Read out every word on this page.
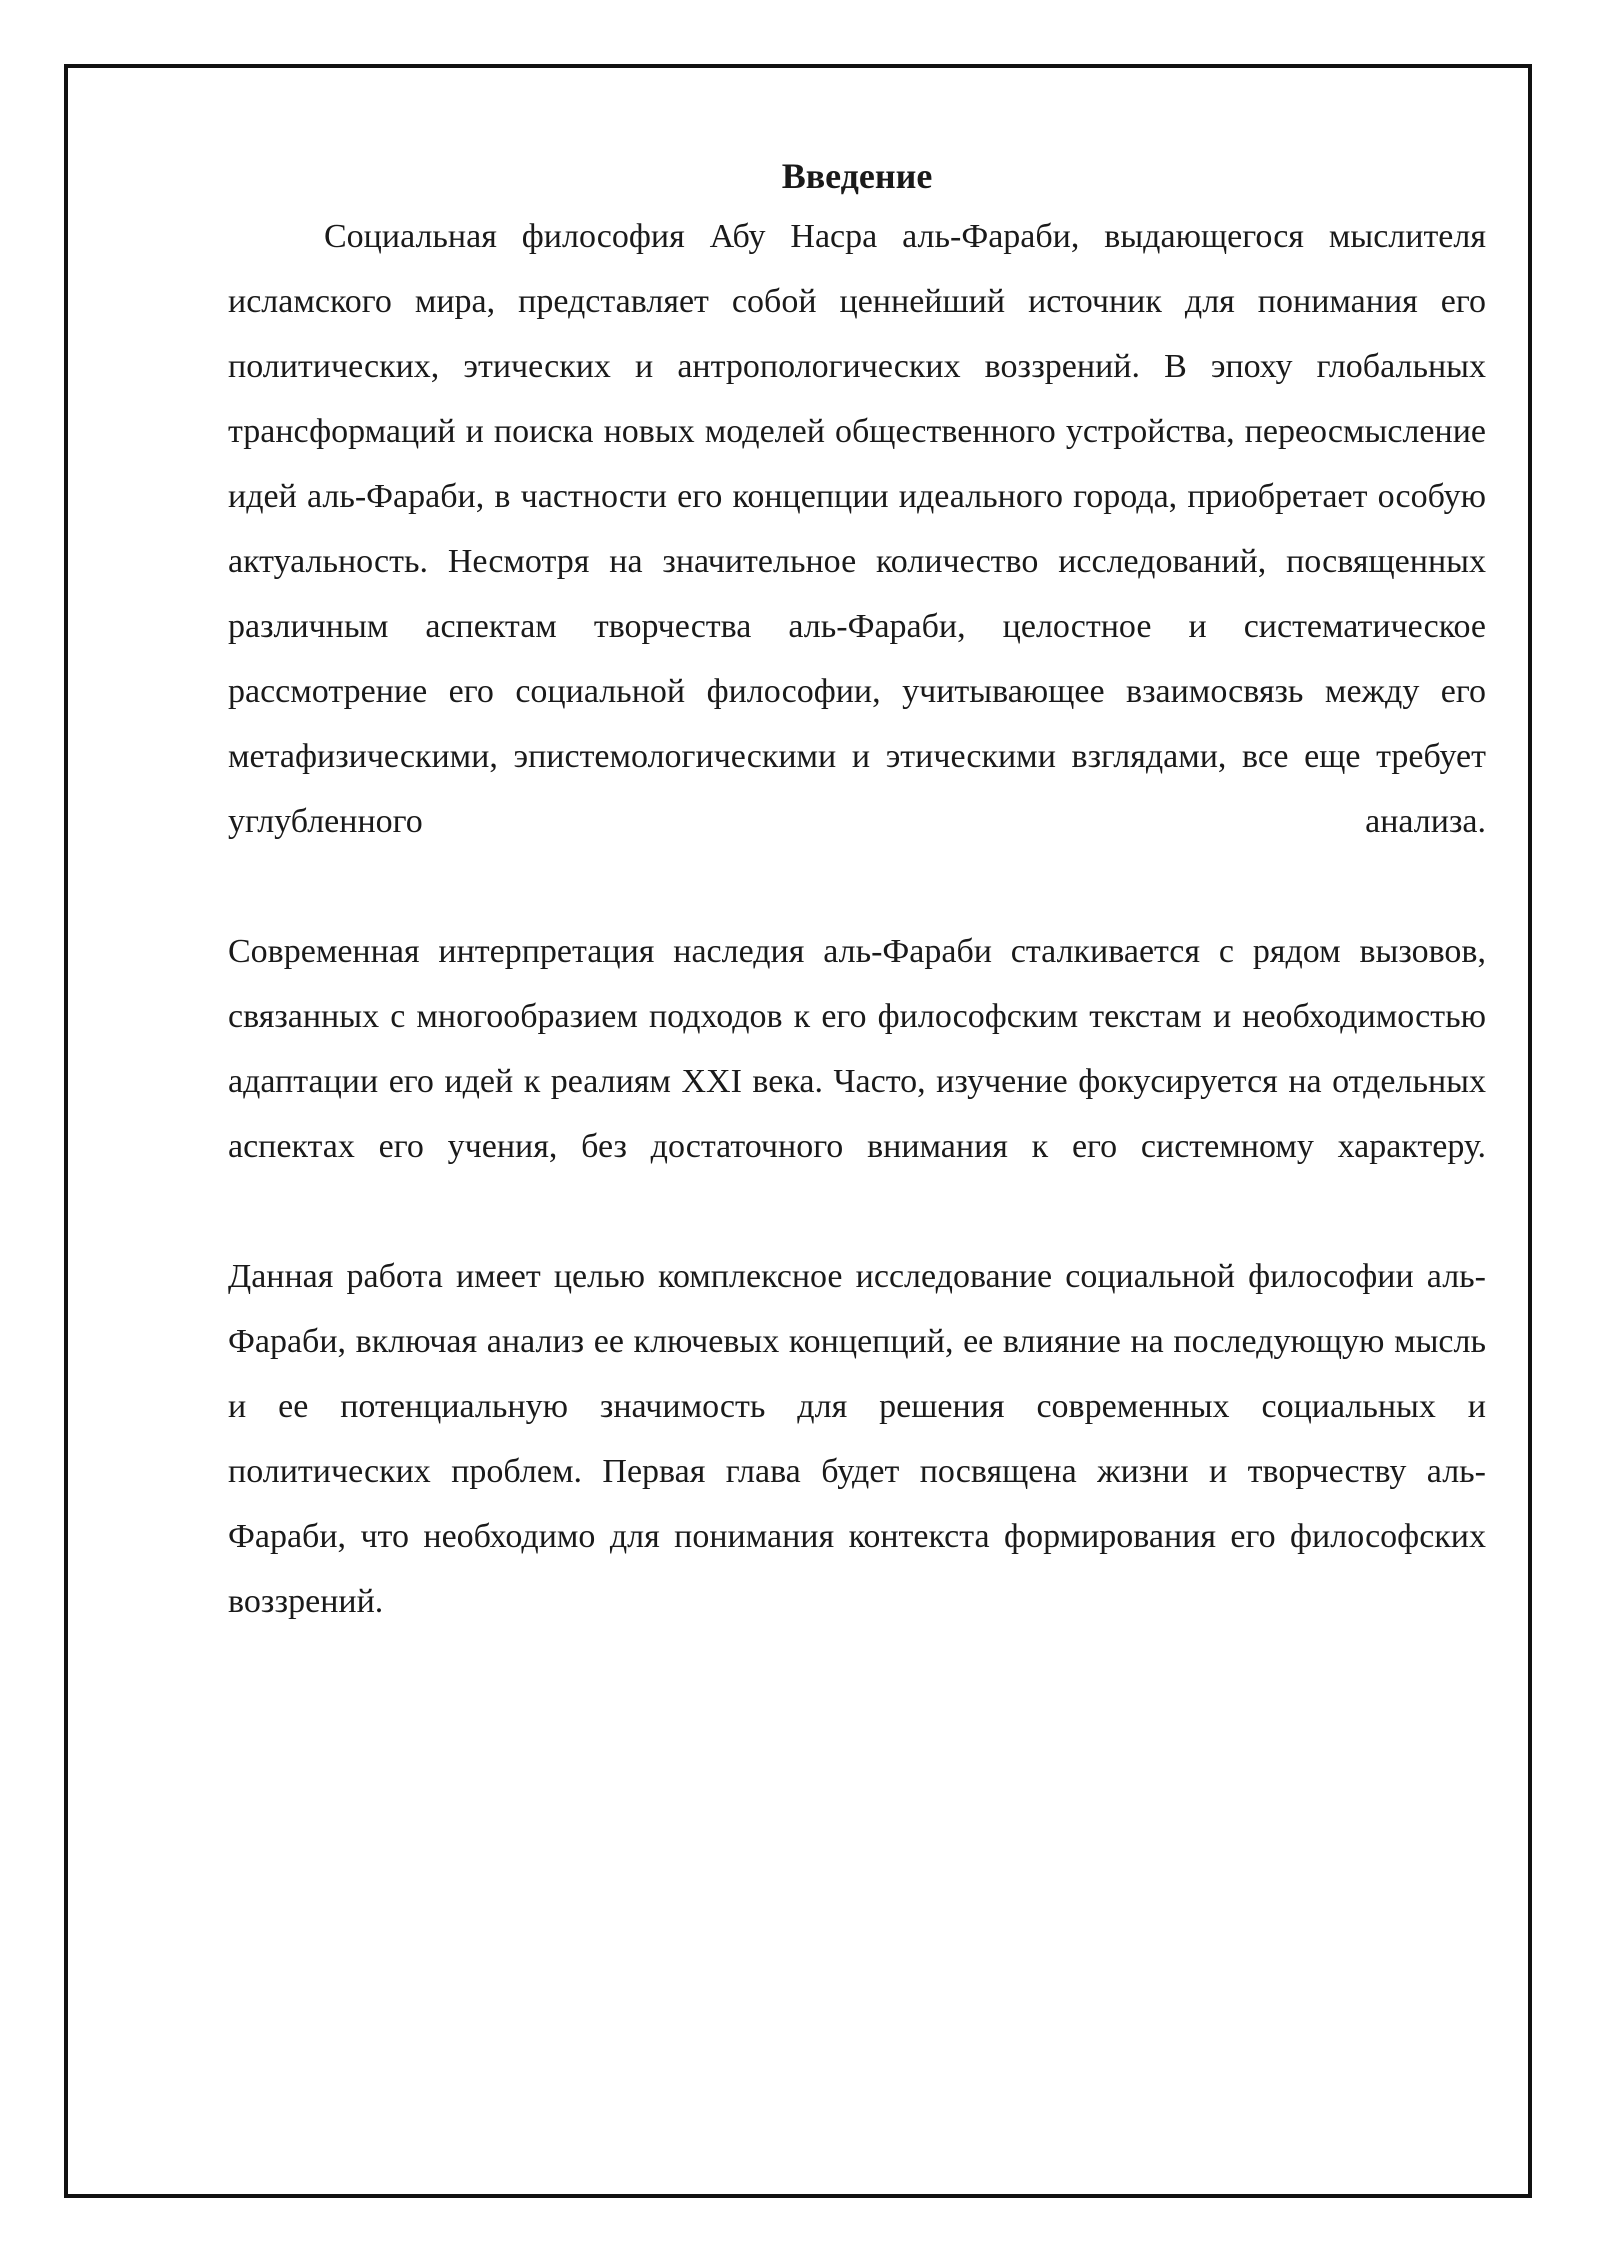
Введение

Социальная философия Абу Насра аль-Фараби, выдающегося мыслителя исламского мира, представляет собой ценнейший источник для понимания его политических, этических и антропологических воззрений. В эпоху глобальных трансформаций и поиска новых моделей общественного устройства, переосмысление идей аль-Фараби, в частности его концепции идеального города, приобретает особую актуальность. Несмотря на значительное количество исследований, посвященных различным аспектам творчества аль-Фараби, целостное и систематическое рассмотрение его социальной философии, учитывающее взаимосвязь между его метафизическими, эпистемологическими и этическими взглядами, все еще требует углубленного анализа.

Современная интерпретация наследия аль-Фараби сталкивается с рядом вызовов, связанных с многообразием подходов к его философским текстам и необходимостью адаптации его идей к реалиям XXI века. Часто, изучение фокусируется на отдельных аспектах его учения, без достаточного внимания к его системному характеру.

Данная работа имеет целью комплексное исследование социальной философии аль-Фараби, включая анализ ее ключевых концепций, ее влияние на последующую мысль и ее потенциальную значимость для решения современных социальных и политических проблем. Первая глава будет посвящена жизни и творчеству аль-Фараби, что необходимо для понимания контекста формирования его философских воззрений.
